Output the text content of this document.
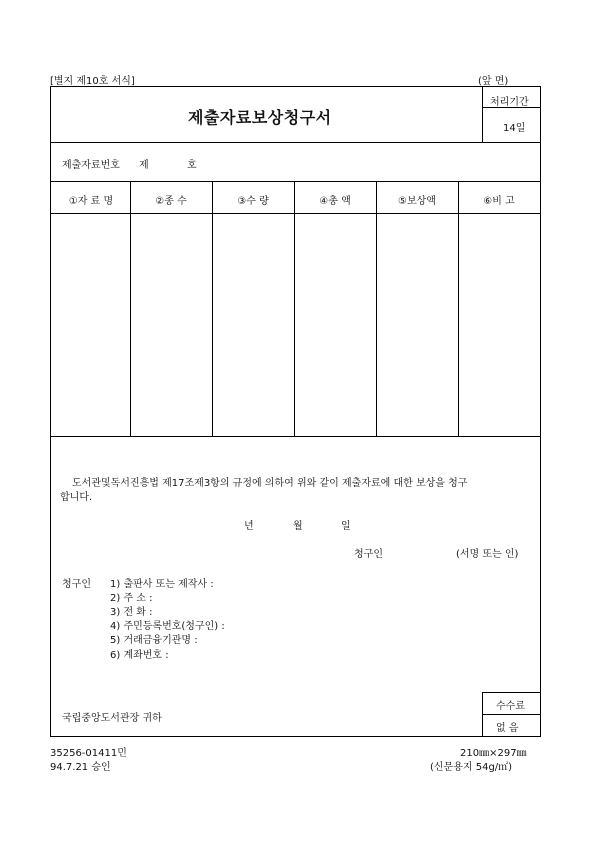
[별지 제10호 서식]	(앞 면)
제출자료보상청구서
처리기간
14일
제출자료번호 제	호
①자 료 명	②종 수	③수 량	④총 액	⑤보상액	⑥비 고
도서관및독서진흥법 제17조제3항의 규정에 의하여 위와 같이 제출자료에 대한 보상을 청구
합니다.
년	월	일
청구인	(서명 또는 인)
청구인 1) 출판사 또는 제작사 :
2) 주 소 :
3) 전 화 :
4) 주민등록번호(청구인) :
5) 거래금융기관명 :
6) 계좌번호 :
국립중앙도서관장 귀하
수수료
없 음
35256-01411민
94.7.21 승인
210㎜×297㎜
(신문용지 54g/㎡)
